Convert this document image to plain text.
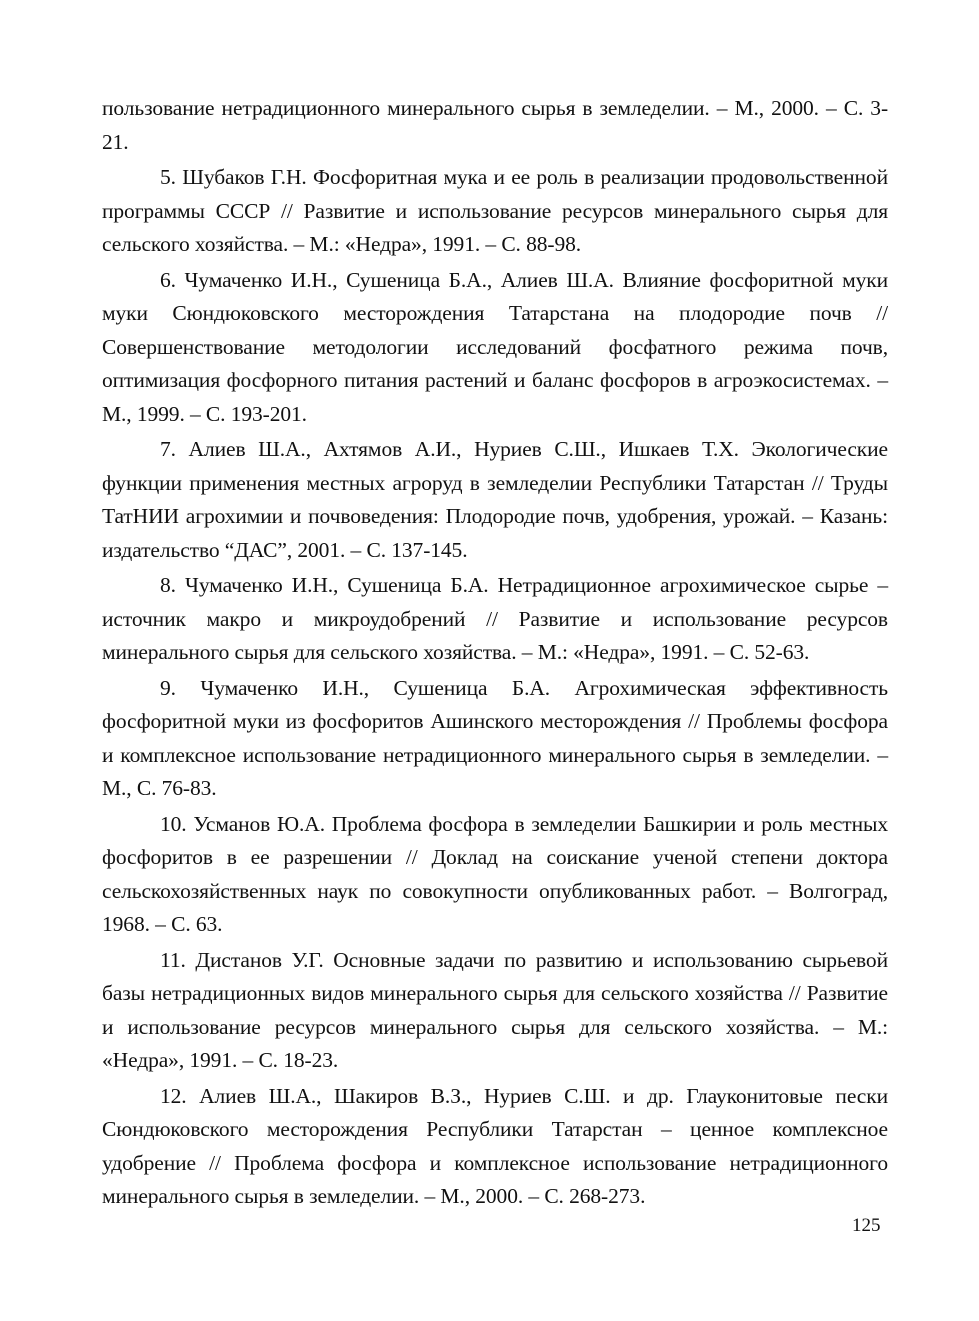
пользование нетрадиционного минерального сырья в земледелии. – М., 2000. – С. 3-21.

5. Шубаков Г.Н. Фосфоритная мука и ее роль в реализации продовольственной программы СССР // Развитие и использование ресурсов минерального сырья для сельского хозяйства. – М.: «Недра», 1991. – С. 88-98.

6. Чумаченко И.Н., Сушеница Б.А., Алиев Ш.А. Влияние фосфоритной муки муки Сюндюковского месторождения Татарстана на плодородие почв // Совершенствование методологии исследований фосфатного режима почв, оптимизация фосфорного питания растений и баланс фосфоров в агроэкосистемах. – М., 1999. – С. 193-201.

7. Алиев Ш.А., Ахтямов А.И., Нуриев С.Ш., Ишкаев Т.Х. Экологические функции применения местных агроруд в земледелии Республики Татарстан // Труды ТатНИИ агрохимии и почвоведения: Плодородие почв, удобрения, урожай. – Казань: издательство “ДАС”, 2001. – С. 137-145.

8. Чумаченко И.Н., Сушеница Б.А. Нетрадиционное агрохимическое сырье – источник макро и микроудобрений // Развитие и использование ресурсов минерального сырья для сельского хозяйства. – М.: «Недра», 1991. – С. 52-63.

9. Чумаченко И.Н., Сушеница Б.А. Агрохимическая эффективность фосфоритной муки из фосфоритов Ашинского месторождения // Проблемы фосфора и комплексное использование нетрадиционного минерального сырья в земледелии. – М., С. 76-83.

10. Усманов Ю.А. Проблема фосфора в земледелии Башкирии и роль местных фосфоритов в ее разрешении // Доклад на соискание ученой степени доктора сельскохозяйственных наук по совокупности опубликованных работ. – Волгоград, 1968. – С. 63.

11. Дистанов У.Г. Основные задачи по развитию и использованию сырьевой базы нетрадиционных видов минерального сырья для сельского хозяйства // Развитие и использование ресурсов минерального сырья для сельского хозяйства. – М.: «Недра», 1991. – С. 18-23.

12. Алиев Ш.А., Шакиров В.З., Нуриев С.Ш. и др. Глауконитовые пески Сюндюковского месторождения Республики Татарстан – ценное комплексное удобрение // Проблема фосфора и комплексное использование нетрадиционного минерального сырья в земледелии. – М., 2000. – С. 268-273.

125
